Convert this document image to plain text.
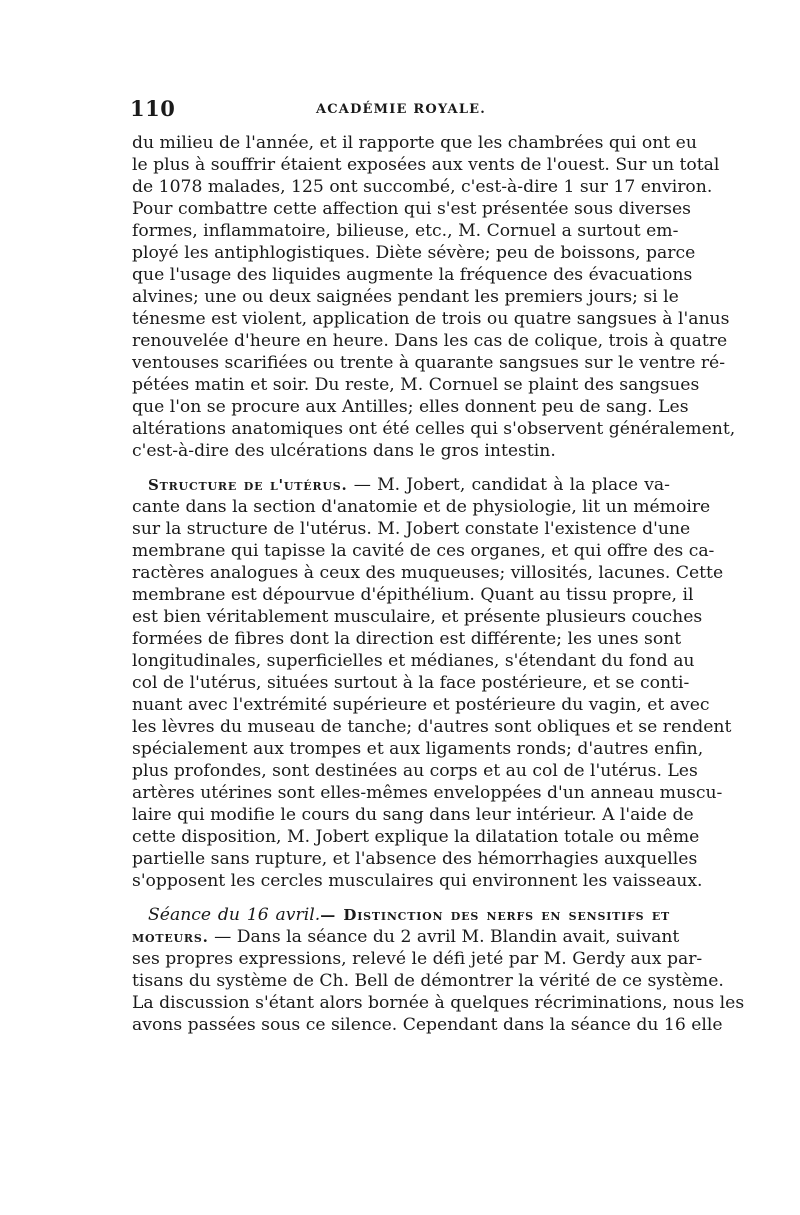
110	ACADÉMIE ROYALE.
du milieu de l'année, et il rapporte que les chambrées qui ont eu
le plus à souffrir étaient exposées aux vents de l'ouest. Sur un total
de 1078 malades, 125 ont succombé, c'est-à-dire 1 sur 17 environ.
Pour combattre cette affection qui s'est présentée sous diverses
formes, inflammatoire, bilieuse, etc., M. Cornuel a surtout em-
ployé les antiphlogistiques. Diète sévère; peu de boissons, parce
que l'usage des liquides augmente la fréquence des évacuations
alvines; une ou deux saignées pendant les premiers jours; si le
ténesme est violent, application de trois ou quatre sangsues à l'anus
renouvelée d'heure en heure. Dans les cas de colique, trois à quatre
ventouses scarifiées ou trente à quarante sangsues sur le ventre ré-
pétées matin et soir. Du reste, M. Cornuel se plaint des sangsues
que l'on se procure aux Antilles; elles donnent peu de sang. Les
altérations anatomiques ont été celles qui s'observent généralement,
c'est-à-dire des ulcérations dans le gros intestin.
Structure de l'utérus. — M. Jobert, candidat à la place va-
cante dans la section d'anatomie et de physiologie, lit un mémoire
sur la structure de l'utérus. M. Jobert constate l'existence d'une
membrane qui tapisse la cavité de ces organes, et qui offre des ca-
ractères analogues à ceux des muqueuses; villosités, lacunes. Cette
membrane est dépourvue d'épithélium. Quant au tissu propre, il
est bien véritablement musculaire, et présente plusieurs couches
formées de fibres dont la direction est différente; les unes sont
longitudinales, superficielles et médianes, s'étendant du fond au
col de l'utérus, situées surtout à la face postérieure, et se conti-
nuant avec l'extrémité supérieure et postérieure du vagin, et avec
les lèvres du museau de tanche; d'autres sont obliques et se rendent
spécialement aux trompes et aux ligaments ronds; d'autres enfin,
plus profondes, sont destinées au corps et au col de l'utérus. Les
artères utérines sont elles-mêmes enveloppées d'un anneau muscu-
laire qui modifie le cours du sang dans leur intérieur. A l'aide de
cette disposition, M. Jobert explique la dilatation totale ou même
partielle sans rupture, et l'absence des hémorrhagies auxquelles
s'opposent les cercles musculaires qui environnent les vaisseaux.
Séance du 16 avril.— Distinction des nerfs en sensitifs et
moteurs. — Dans la séance du 2 avril M. Blandin avait, suivant
ses propres expressions, relevé le défi jeté par M. Gerdy aux par-
tisans du système de Ch. Bell de démontrer la vérité de ce système.
La discussion s'étant alors bornée à quelques récriminations, nous les
avons passées sous ce silence. Cependant dans la séance du 16 elle
